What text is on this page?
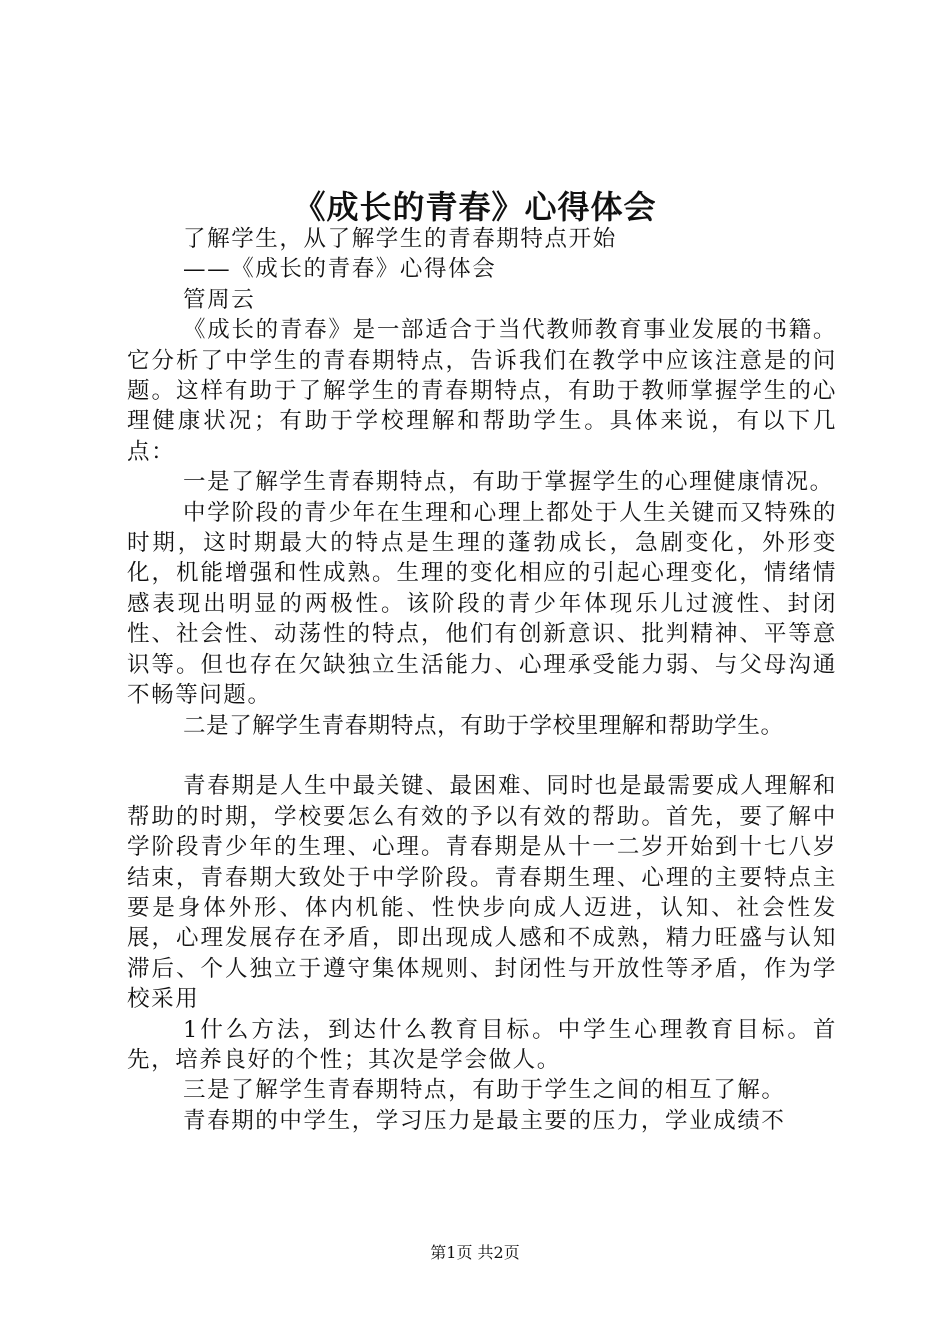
《成长的青春》心得体会

了解学生，从了解学生的青春期特点开始

——《成长的青春》心得体会

管周云

《成长的青春》是一部适合于当代教师教育事业发展的书籍。它分析了中学生的青春期特点，告诉我们在教学中应该注意是的问题。这样有助于了解学生的青春期特点，有助于教师掌握学生的心理健康状况；有助于学校理解和帮助学生。具体来说，有以下几点：

一是了解学生青春期特点，有助于掌握学生的心理健康情况。

中学阶段的青少年在生理和心理上都处于人生关键而又特殊的时期，这时期最大的特点是生理的蓬勃成长，急剧变化，外形变化，机能增强和性成熟。生理的变化相应的引起心理变化，情绪情感表现出明显的两极性。该阶段的青少年体现乐儿过渡性、封闭性、社会性、动荡性的特点，他们有创新意识、批判精神、平等意识等。但也存在欠缺独立生活能力、心理承受能力弱、与父母沟通不畅等问题。

二是了解学生青春期特点，有助于学校里理解和帮助学生。

青春期是人生中最关键、最困难、同时也是最需要成人理解和帮助的时期，学校要怎么有效的予以有效的帮助。首先，要了解中学阶段青少年的生理、心理。青春期是从十一二岁开始到十七八岁结束，青春期大致处于中学阶段。青春期生理、心理的主要特点主要是身体外形、体内机能、性快步向成人迈进，认知、社会性发展，心理发展存在矛盾，即出现成人感和不成熟，精力旺盛与认知滞后、个人独立于遵守集体规则、封闭性与开放性等矛盾，作为学校采用

1什么方法，到达什么教育目标。中学生心理教育目标。首先，培养良好的个性；其次是学会做人。

三是了解学生青春期特点，有助于学生之间的相互了解。

青春期的中学生，学习压力是最主要的压力，学业成绩不

第1页 共2页
